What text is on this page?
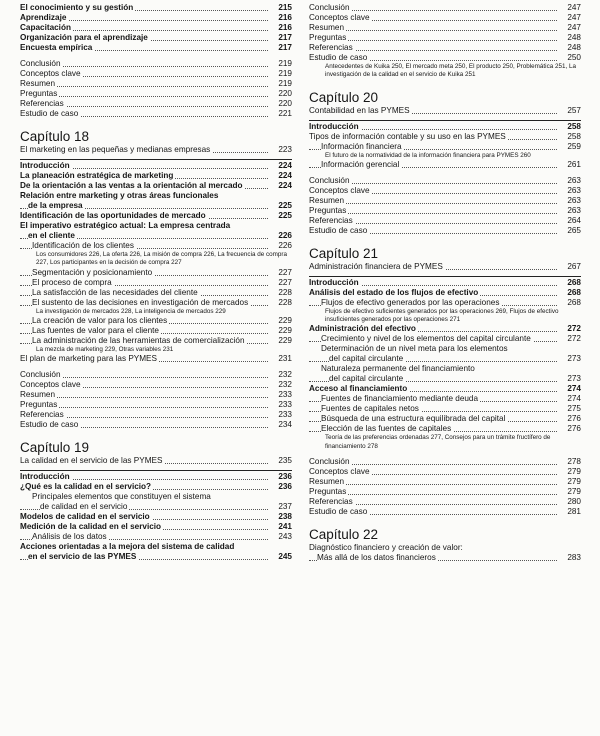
El conocimiento y su gestión	215
Aprendizaje	216
Capacitación	216
Organización para el aprendizaje	217
Encuesta empírica	217
Conclusión	219
Conceptos clave	219
Resumen	219
Preguntas	220
Referencias	220
Estudio de caso	221
Capítulo 18
El marketing en las pequeñas y medianas empresas	223
Introducción	224
La planeación estratégica de marketing	224
De la orientación a las ventas a la orientación al mercado	224
Relación entre marketing y otras áreas funcionales
de la empresa	225
Identificación de las oportunidades de mercado	225
El imperativo estratégico actual: La empresa centrada
en el cliente	226
Identificación de los clientes	226
Los consumidores 226, La oferta 226, La misión de compra 226, La frecuencia de compra 227, Los participantes en la decisión de compra 227
Segmentación y posicionamiento	227
El proceso de compra	227
La satisfacción de las necesidades del cliente	228
El sustento de las decisiones en investigación de mercados	228
La investigación de mercados 228, La inteligencia de mercados 229
La creación de valor para los clientes	229
Las fuentes de valor para el cliente	229
La administración de las herramientas de comercialización	229
La mezcla de marketing 229, Otras variables 231
El plan de marketing para las PYMES	231
Conclusión	232
Conceptos clave	232
Resumen	233
Preguntas	233
Referencias	233
Estudio de caso	234
Capítulo 19
La calidad en el servicio de las PYMES	235
Introducción	236
¿Qué es la calidad en el servicio?	236
Principales elementos que constituyen el sistema
de calidad en el servicio	237
Modelos de calidad en el servicio	238
Medición de la calidad en el servicio	241
Análisis de los datos	243
Acciones orientadas a la mejora del sistema de calidad
en el servicio de las PYMES	245
Conclusión	247
Conceptos clave	247
Resumen	247
Preguntas	248
Referencias	248
Estudio de caso	250
Antecedentes de Kuika 250, El mercado meta 250, El producto 250, Problemática 251, La investigación de la calidad en el servicio de Kuika 251
Capítulo 20
Contabilidad en las PYMES	257
Introducción	258
Tipos de información contable y su uso en las PYMES	258
Información financiera	259
El futuro de la normatividad de la información financiera para PYMES 260
Información gerencial	261
Conclusión	263
Conceptos clave	263
Resumen	263
Preguntas	263
Referencias	264
Estudio de caso	265
Capítulo 21
Administración financiera de PYMES	267
Introducción	268
Análisis del estado de los flujos de efectivo	268
Flujos de efectivo generados por las operaciones	268
Flujos de efectivo suficientes generados por las operaciones 269, Flujos de efectivo insuficientes generados por las operaciones 271
Administración del efectivo	272
Crecimiento y nivel de los elementos del capital circulante	272
Determinación de un nivel meta para los elementos
del capital circulante	273
Naturaleza permanente del financiamiento
del capital circulante	273
Acceso al financiamiento	274
Fuentes de financiamiento mediante deuda	274
Fuentes de capitales netos	275
Búsqueda de una estructura equilibrada del capital	276
Elección de las fuentes de capitales	276
Teoría de las preferencias ordenadas 277, Consejos para un trámite fructífero de financiamiento 278
Conclusión	278
Conceptos clave	279
Resumen	279
Preguntas	279
Referencias	280
Estudio de caso	281
Capítulo 22
Diagnóstico financiero y creación de valor:
Más allá de los datos financieros	283
